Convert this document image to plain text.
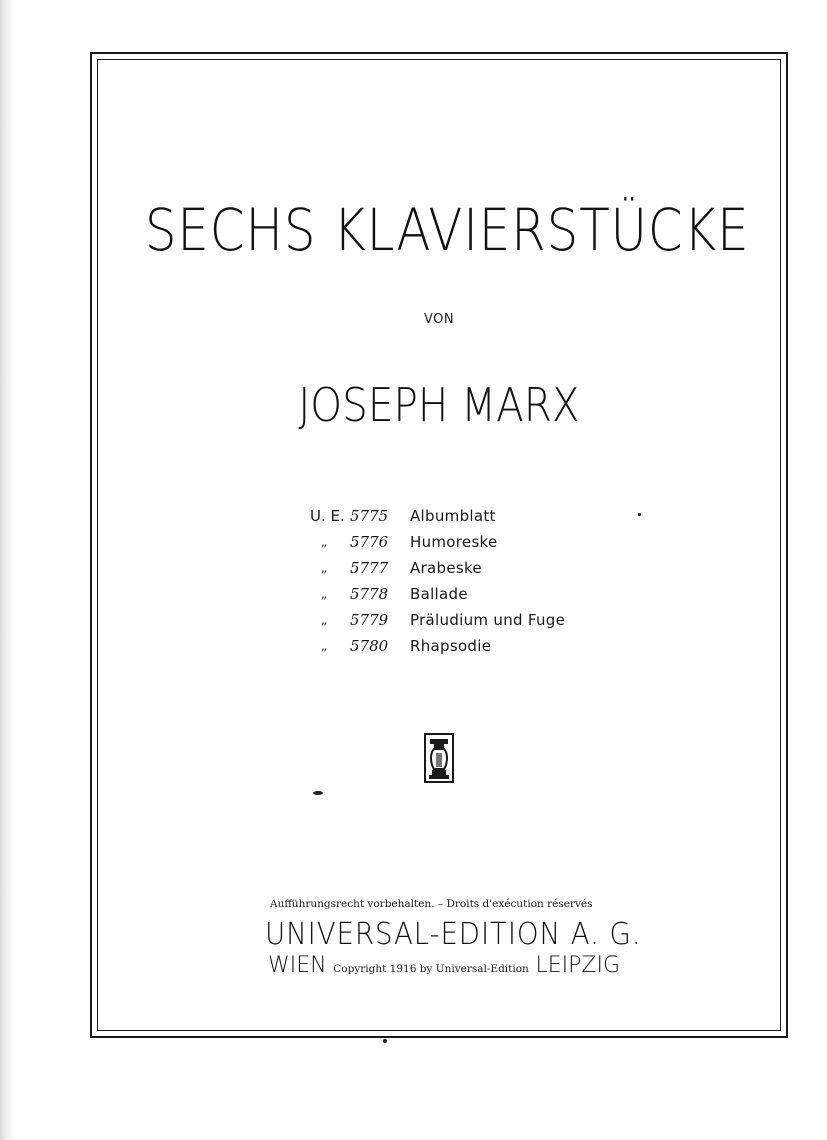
SECHS KLAVIERSTÜCKE
VON
JOSEPH MARX
U. E. 5775	Albumblatt
„	5776	Humoreske
„	5777	Arabeske
„	5778	Ballade
„	5779	Präludium und Fuge
„	5780	Rhapsodie
Aufführungsrecht vorbehalten. – Droits d'exécution réservés
UNIVERSAL-EDITION A. G.
WIEN Copyright 1916 by Universal-Edition LEIPZIG
